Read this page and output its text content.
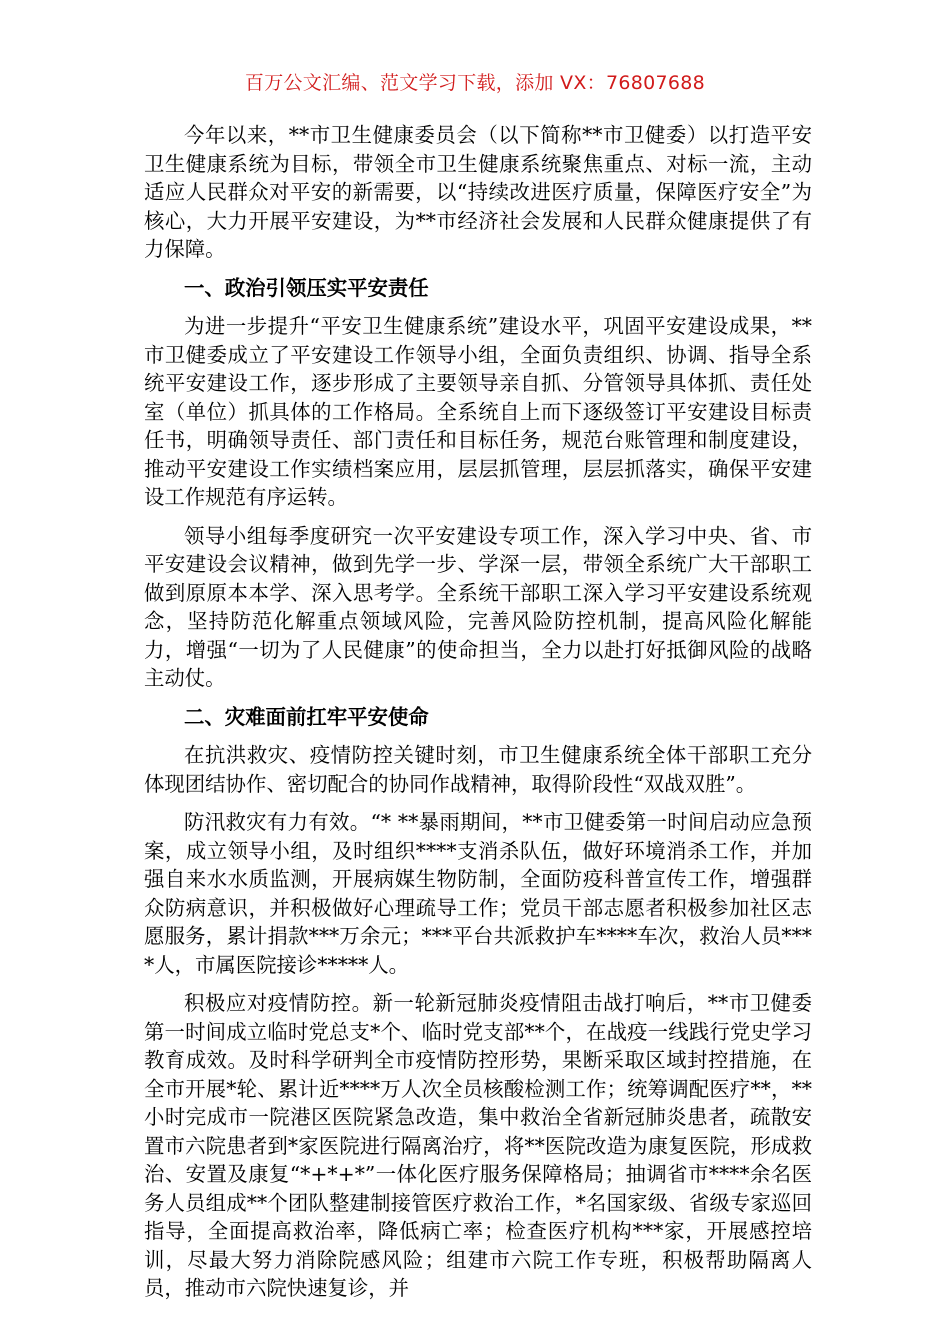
百万公文汇编、范文学习下载，添加 VX：76807688

今年以来，**市卫生健康委员会（以下简称**市卫健委）以打造平安卫生健康系统为目标，带领全市卫生健康系统聚焦重点、对标一流，主动适应人民群众对平安的新需要，以“持续改进医疗质量，保障医疗安全”为核心，大力开展平安建设，为**市经济社会发展和人民群众健康提供了有力保障。

一、政治引领压实平安责任

为进一步提升“平安卫生健康系统”建设水平，巩固平安建设成果，**市卫健委成立了平安建设工作领导小组，全面负责组织、协调、指导全系统平安建设工作，逐步形成了主要领导亲自抓、分管领导具体抓、责任处室（单位）抓具体的工作格局。全系统自上而下逐级签订平安建设目标责任书，明确领导责任、部门责任和目标任务，规范台账管理和制度建设，推动平安建设工作实绩档案应用，层层抓管理，层层抓落实，确保平安建设工作规范有序运转。

领导小组每季度研究一次平安建设专项工作，深入学习中央、省、市平安建设会议精神，做到先学一步、学深一层，带领全系统广大干部职工做到原原本本学、深入思考学。全系统干部职工深入学习平安建设系统观念，坚持防范化解重点领域风险，完善风险防控机制，提高风险化解能力，增强“一切为了人民健康”的使命担当，全力以赴打好抵御风险的战略主动仗。

二、灾难面前扛牢平安使命

在抗洪救灾、疫情防控关键时刻，市卫生健康系统全体干部职工充分体现团结协作、密切配合的协同作战精神，取得阶段性“双战双胜”。

防汛救灾有力有效。“* **暴雨期间，**市卫健委第一时间启动应急预案，成立领导小组，及时组织****支消杀队伍，做好环境消杀工作，并加强自来水水质监测，开展病媒生物防制，全面防疫科普宣传工作，增强群众防病意识，并积极做好心理疏导工作；党员干部志愿者积极参加社区志愿服务，累计捐款***万余元；***平台共派救护车****车次，救治人员****人，市属医院接诊*****人。

积极应对疫情防控。新一轮新冠肺炎疫情阻击战打响后，**市卫健委第一时间成立临时党总支*个、临时党支部**个，在战疫一线践行党史学习教育成效。及时科学研判全市疫情防控形势，果断采取区域封控措施，在全市开展*轮、累计近****万人次全员核酸检测工作；统筹调配医疗**，**小时完成市一院港区医院紧急改造，集中救治全省新冠肺炎患者，疏散安置市六院患者到*家医院进行隔离治疗，将**医院改造为康复医院，形成救治、安置及康复“*+*+*”一体化医疗服务保障格局；抽调省市****余名医务人员组成**个团队整建制接管医疗救治工作，*名国家级、省级专家巡回指导，全面提高救治率，降低病亡率；检查医疗机构***家，开展感控培训，尽最大努力消除院感风险；组建市六院工作专班，积极帮助隔离人员，推动市六院快速复诊，并
